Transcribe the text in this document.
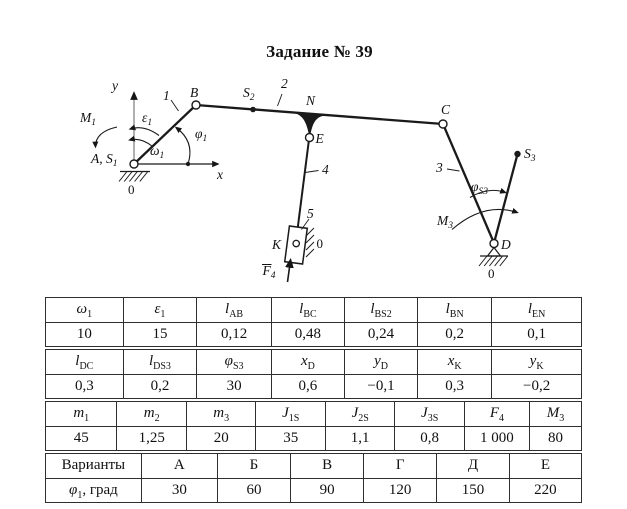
Задание № 39
y
x
$M_1$	$\varepsilon_1$
$\omega_1$
$\varphi_1$
A, $S_1$
B	$S_2$	N
E
C
$S_3$
D
K
1
2
3
4
5
$F_4$
$\varphi_{S3}$
$M_3$
0
0
0
$\omega_1$	$\varepsilon_1$	$l_{AB}$	$l_{BC}$	$l_{BS2}$	$l_{BN}$	$l_{EN}$
10	15	0,12	0,48	0,24	0,2	0,1
$l_{DC}$	$l_{DS3}$	$\varphi_{S3}$	$x_D$	$y_D$	$x_K$	$y_K$
0,3	0,2	30	0,6	−0,1	0,3	−0,2
$m_1$	$m_2$	$m_3$	$J_{1S}$	$J_{2S}$	$J_{3S}$	$F_4$	$M_3$
45	1,25	20	35	1,1	0,8	1 000	80
Варианты	А	Б	В	Г	Д	Е
$\varphi_1$, град	30	60	90	120	150	220
